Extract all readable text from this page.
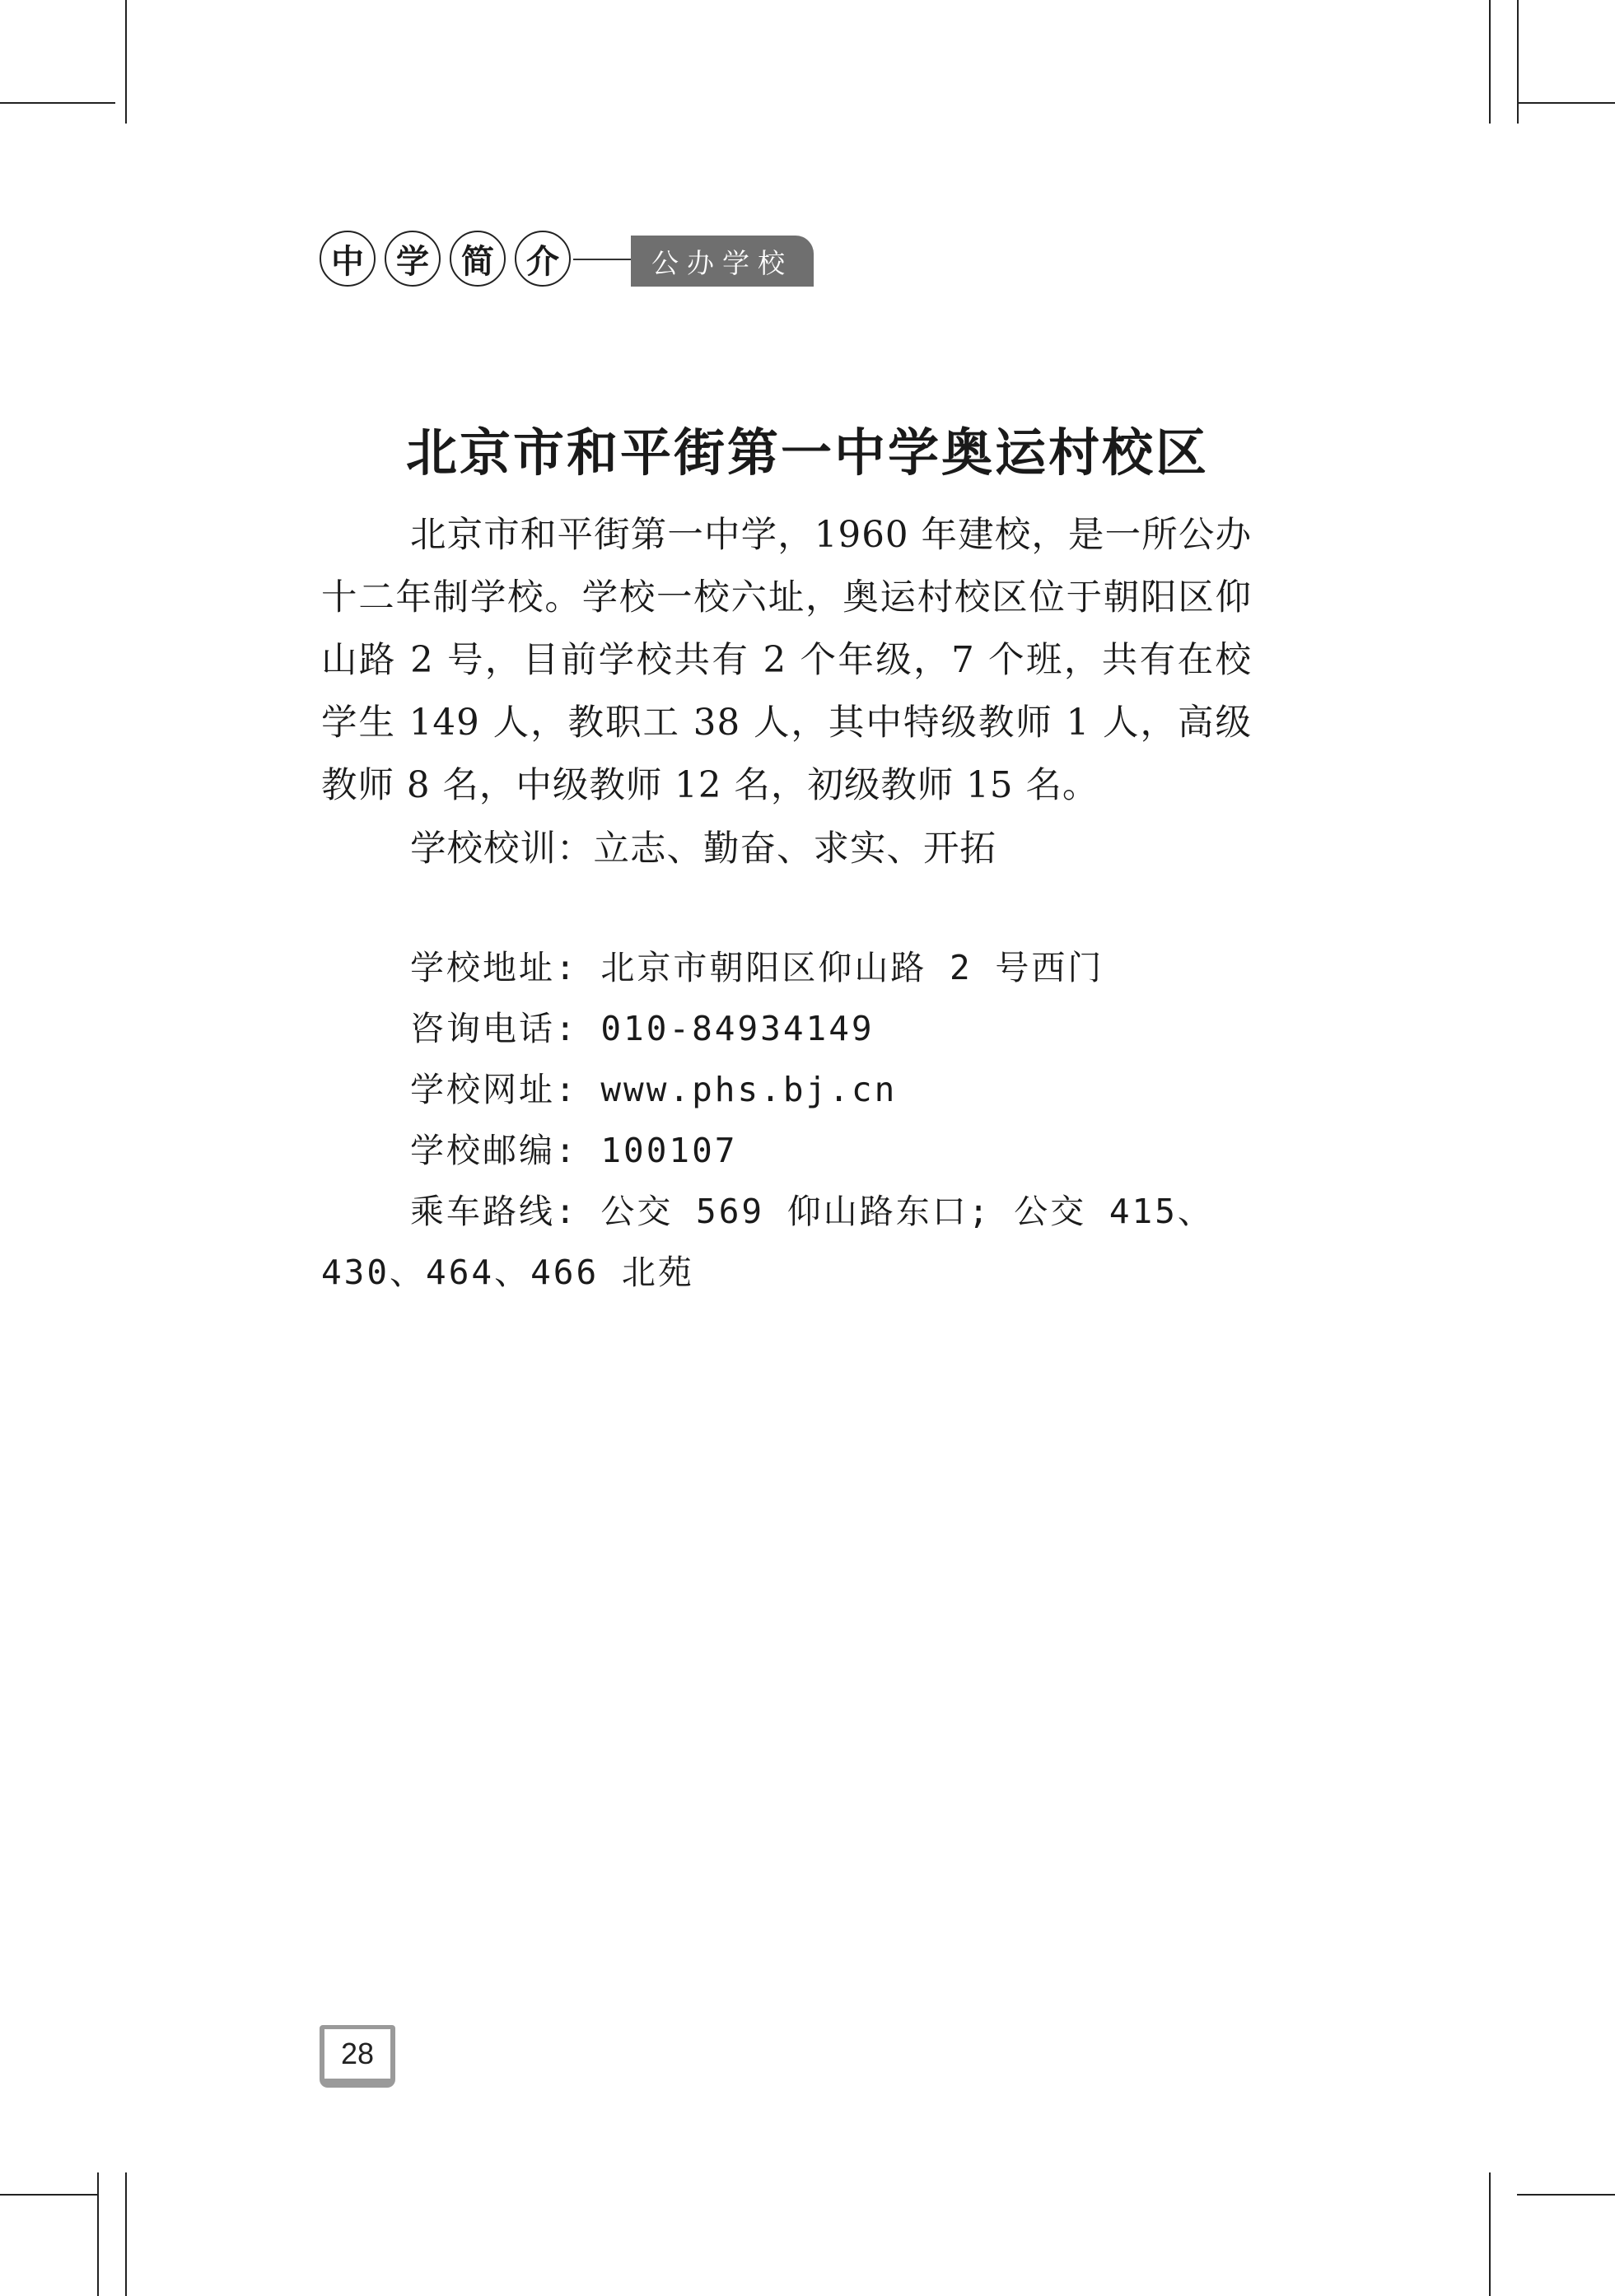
中 学 简 介	公办学校
北京市和平街第一中学奥运村校区

北京市和平街第一中学，1960 年建校，是一所公办十二年制学校。学校一校六址，奥运村校区位于朝阳区仰山路 2 号，目前学校共有 2 个年级，7 个班，共有在校学生 149 人，教职工 38 人，其中特级教师 1 人，高级教师 8 名，中级教师 12 名，初级教师 15 名。

学校校训：立志、勤奋、求实、开拓

学校地址: 北京市朝阳区仰山路 2 号西门
咨询电话: 010-84934149
学校网址: www.phs.bj.cn
学校邮编: 100107
乘车路线: 公交 569 仰山路东口; 公交 415、430、464、466 北苑
28
